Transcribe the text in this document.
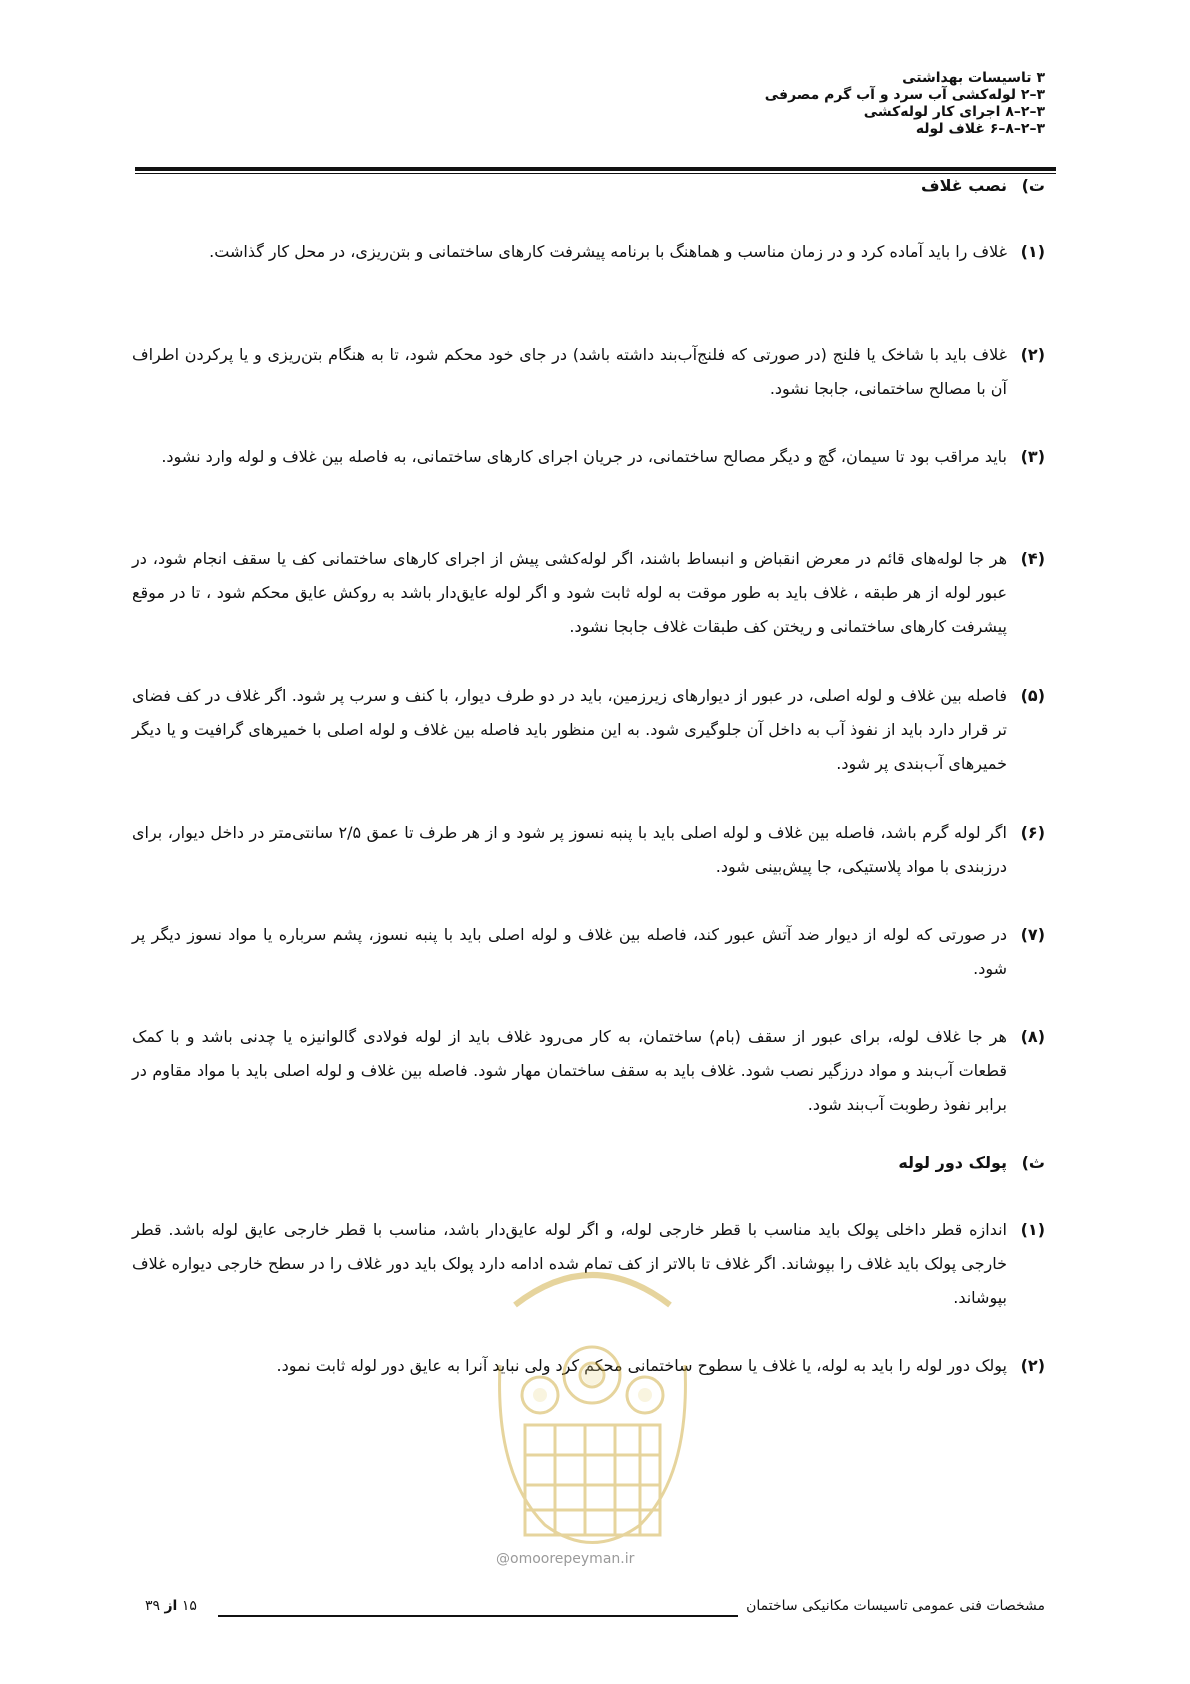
۳ تاسیسات بهداشتی
۳–۲ لوله‌کشی آب سرد و آب گرم مصرفی
۳–۲–۸ اجرای کار لوله‌کشی
۳–۲–۸–۶ غلاف لوله
ت)نصب غلاف
(۱)
غلاف را باید آماده کرد و در زمان مناسب و هماهنگ با برنامه پیشرفت کارهای ساختمانی و بتن‌ریزی، در محل کار گذاشت.
(۲)
غلاف باید با شاخک یا فلنج (در صورتی که فلنج‌آب‌بند داشته باشد) در جای خود محکم شود، تا به هنگام بتن‌ریزی و یا پرکردن اطراف آن با مصالح ساختمانی، جابجا نشود.
(۳)
باید مراقب بود تا سیمان، گچ و دیگر مصالح ساختمانی، در جریان اجرای کارهای ساختمانی، به فاصله بین غلاف و لوله وارد نشود.
(۴)
هر جا لوله‌های قائم در معرض انقباض و انبساط باشند، اگر لوله‌کشی پیش از اجرای کارهای ساختمانی کف یا سقف انجام شود، در عبور لوله از هر طبقه ، غلاف باید به طور موقت به لوله ثابت شود و اگر لوله عایق‌دار باشد به روکش عایق محکم شود ، تا در موقع پیشرفت کارهای ساختمانی و ریختن کف طبقات غلاف جابجا نشود.
(۵)
فاصله بین غلاف و لوله اصلی، در عبور از دیوارهای زیرزمین، باید در دو طرف دیوار، با کنف و سرب پر شود. اگر غلاف در کف فضای تر قرار دارد باید از نفوذ آب به داخل آن جلوگیری شود. به این منظور باید فاصله بین غلاف و لوله اصلی با خمیرهای گرافیت و یا دیگر خمیرهای آب‌بندی پر شود.
(۶)
اگر لوله گرم باشد، فاصله بین غلاف و لوله اصلی باید با پنبه نسوز پر شود و از هر طرف تا عمق ۲/۵ سانتی‌متر در داخل دیوار، برای درزبندی با مواد پلاستیکی، جا پیش‌بینی شود.
(۷)
در صورتی که لوله از دیوار ضد آتش عبور کند، فاصله بین غلاف و لوله اصلی باید با پنبه نسوز، پشم سرباره یا مواد نسوز دیگر پر شود.
(۸)
هر جا غلاف لوله، برای عبور از سقف (بام) ساختمان، به کار می‌رود غلاف باید از لوله فولادی گالوانیزه یا چدنی باشد و با کمک قطعات آب‌بند و مواد درزگیر نصب شود. غلاف باید به سقف ساختمان مهار شود. فاصله بین غلاف و لوله اصلی باید با مواد مقاوم در برابر نفوذ رطوبت آب‌بند شود.
ث)پولک دور لوله
(۱)
اندازه قطر داخلی پولک باید مناسب با قطر خارجی لوله، و اگر لوله عایق‌دار باشد، مناسب با قطر خارجی عایق لوله باشد. قطر خارجی پولک باید غلاف را بپوشاند. اگر غلاف تا بالاتر از کف تمام شده ادامه دارد پولک باید دور غلاف را در سطح خارجی دیواره غلاف بپوشاند.
(۲)
پولک دور لوله را باید به لوله، یا غلاف یا سطوح ساختمانی محکم کرد ولی نباید آنرا به عایق دور لوله ثابت نمود.
@omoorepeyman.ir
مشخصات فنی عمومی تاسیسات مکانیکی ساختمان
۱۵ از ۳۹
